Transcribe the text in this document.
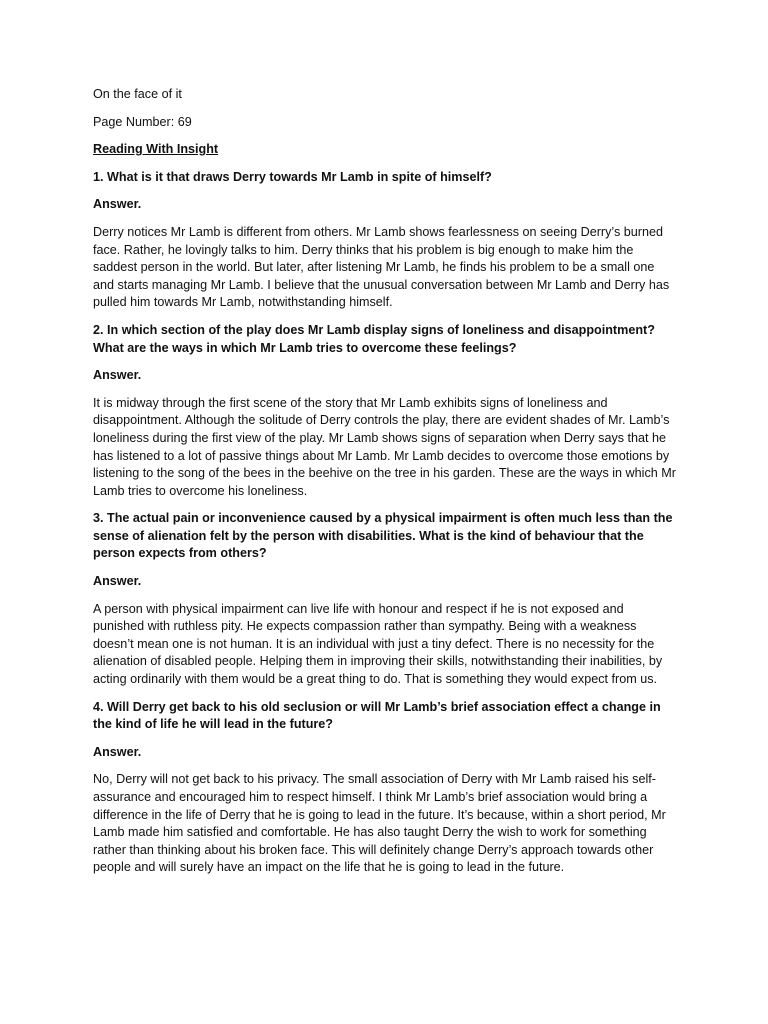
On the face of it
Page Number: 69
Reading With Insight
1. What is it that draws Derry towards Mr Lamb in spite of himself?
Answer.
Derry notices Mr Lamb is different from others. Mr Lamb shows fearlessness on seeing Derry’s burned face. Rather, he lovingly talks to him. Derry thinks that his problem is big enough to make him the saddest person in the world. But later, after listening Mr Lamb, he finds his problem to be a small one and starts managing Mr Lamb. I believe that the unusual conversation between Mr Lamb and Derry has pulled him towards Mr Lamb, notwithstanding himself.
2. In which section of the play does Mr Lamb display signs of loneliness and disappointment? What are the ways in which Mr Lamb tries to overcome these feelings?
Answer.
It is midway through the first scene of the story that Mr Lamb exhibits signs of loneliness and disappointment. Although the solitude of Derry controls the play, there are evident shades of Mr. Lamb’s loneliness during the first view of the play. Mr Lamb shows signs of separation when Derry says that he has listened to a lot of passive things about Mr Lamb. Mr Lamb decides to overcome those emotions by listening to the song of the bees in the beehive on the tree in his garden. These are the ways in which Mr Lamb tries to overcome his loneliness.
3. The actual pain or inconvenience caused by a physical impairment is often much less than the sense of alienation felt by the person with disabilities. What is the kind of behaviour that the person expects from others?
Answer.
A person with physical impairment can live life with honour and respect if he is not exposed and punished with ruthless pity. He expects compassion rather than sympathy. Being with a weakness doesn’t mean one is not human. It is an individual with just a tiny defect. There is no necessity for the alienation of disabled people. Helping them in improving their skills, notwithstanding their inabilities, by acting ordinarily with them would be a great thing to do. That is something they would expect from us.
4. Will Derry get back to his old seclusion or will Mr Lamb’s brief association effect a change in the kind of life he will lead in the future?
Answer.
No, Derry will not get back to his privacy. The small association of Derry with Mr Lamb raised his self-assurance and encouraged him to respect himself. I think Mr Lamb’s brief association would bring a difference in the life of Derry that he is going to lead in the future. It’s because, within a short period, Mr Lamb made him satisfied and comfortable. He has also taught Derry the wish to work for something rather than thinking about his broken face. This will definitely change Derry’s approach towards other people and will surely have an impact on the life that he is going to lead in the future.
